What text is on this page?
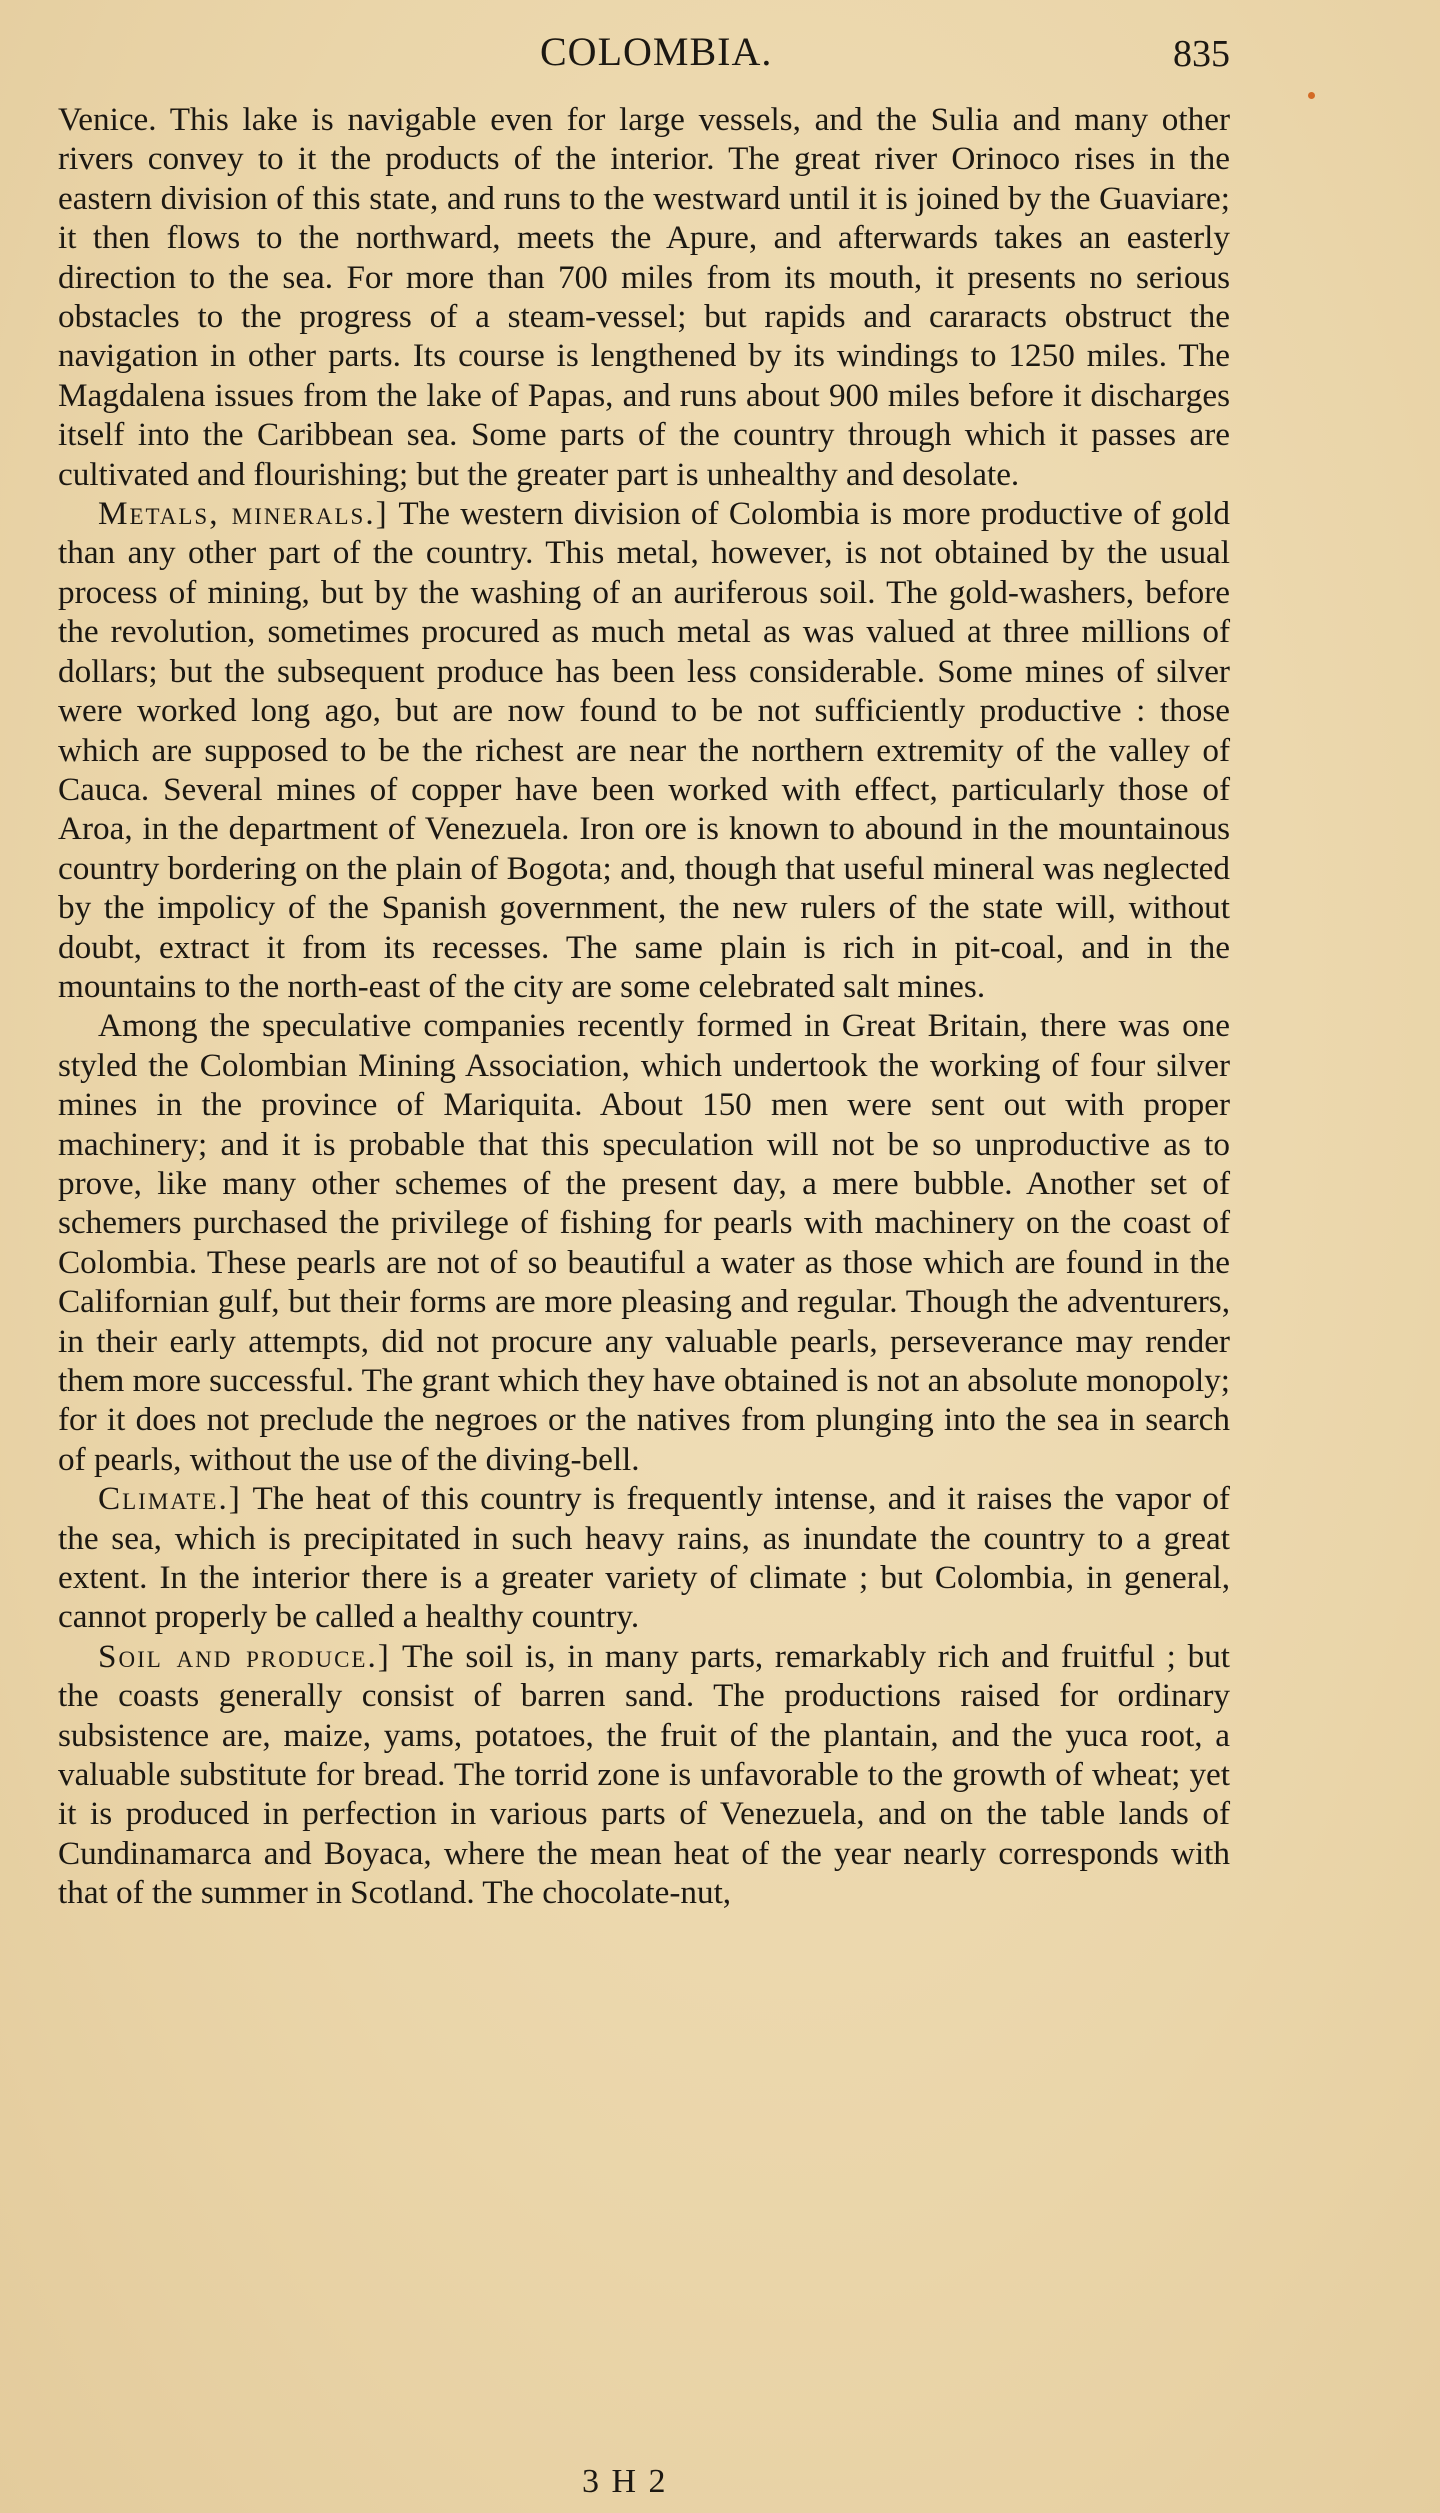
COLOMBIA.	835

Venice. This lake is navigable even for large vessels, and the Sulia and many other rivers convey to it the products of the interior. The great river Orinoco rises in the eastern division of this state, and runs to the westward until it is joined by the Guaviare; it then flows to the northward, meets the Apure, and afterwards takes an easterly direction to the sea. For more than 700 miles from its mouth, it presents no serious obstacles to the progress of a steam-vessel; but rapids and cararacts obstruct the navigation in other parts. Its course is lengthened by its windings to 1250 miles. The Magdalena issues from the lake of Papas, and runs about 900 miles before it discharges itself into the Caribbean sea. Some parts of the country through which it passes are cultivated and flourishing; but the greater part is unhealthy and desolate.

Metals, minerals.] The western division of Colombia is more productive of gold than any other part of the country. This metal, however, is not obtained by the usual process of mining, but by the washing of an auriferous soil. The gold-washers, before the revolution, sometimes procured as much metal as was valued at three millions of dollars; but the subsequent produce has been less considerable. Some mines of silver were worked long ago, but are now found to be not sufficiently productive : those which are supposed to be the richest are near the northern extremity of the valley of Cauca. Several mines of copper have been worked with effect, particularly those of Aroa, in the department of Venezuela. Iron ore is known to abound in the mountainous country bordering on the plain of Bogota; and, though that useful mineral was neglected by the impolicy of the Spanish government, the new rulers of the state will, without doubt, extract it from its recesses. The same plain is rich in pit-coal, and in the mountains to the north-east of the city are some celebrated salt mines.

Among the speculative companies recently formed in Great Britain, there was one styled the Colombian Mining Association, which undertook the working of four silver mines in the province of Mariquita. About 150 men were sent out with proper machinery; and it is probable that this speculation will not be so unproductive as to prove, like many other schemes of the present day, a mere bubble. Another set of schemers purchased the privilege of fishing for pearls with machinery on the coast of Colombia. These pearls are not of so beautiful a water as those which are found in the Californian gulf, but their forms are more pleasing and regular. Though the adventurers, in their early attempts, did not procure any valuable pearls, perseverance may render them more successful. The grant which they have obtained is not an absolute monopoly; for it does not preclude the negroes or the natives from plunging into the sea in search of pearls, without the use of the diving-bell.

Climate.] The heat of this country is frequently intense, and it raises the vapor of the sea, which is precipitated in such heavy rains, as inundate the country to a great extent. In the interior there is a greater variety of climate ; but Colombia, in general, cannot properly be called a healthy country.

Soil and produce.] The soil is, in many parts, remarkably rich and fruitful ; but the coasts generally consist of barren sand. The productions raised for ordinary subsistence are, maize, yams, potatoes, the fruit of the plantain, and the yuca root, a valuable substitute for bread. The torrid zone is unfavorable to the growth of wheat; yet it is produced in perfection in various parts of Venezuela, and on the table lands of Cundinamarca and Boyaca, where the mean heat of the year nearly corresponds with that of the summer in Scotland. The chocolate-nut,

3 H 2
